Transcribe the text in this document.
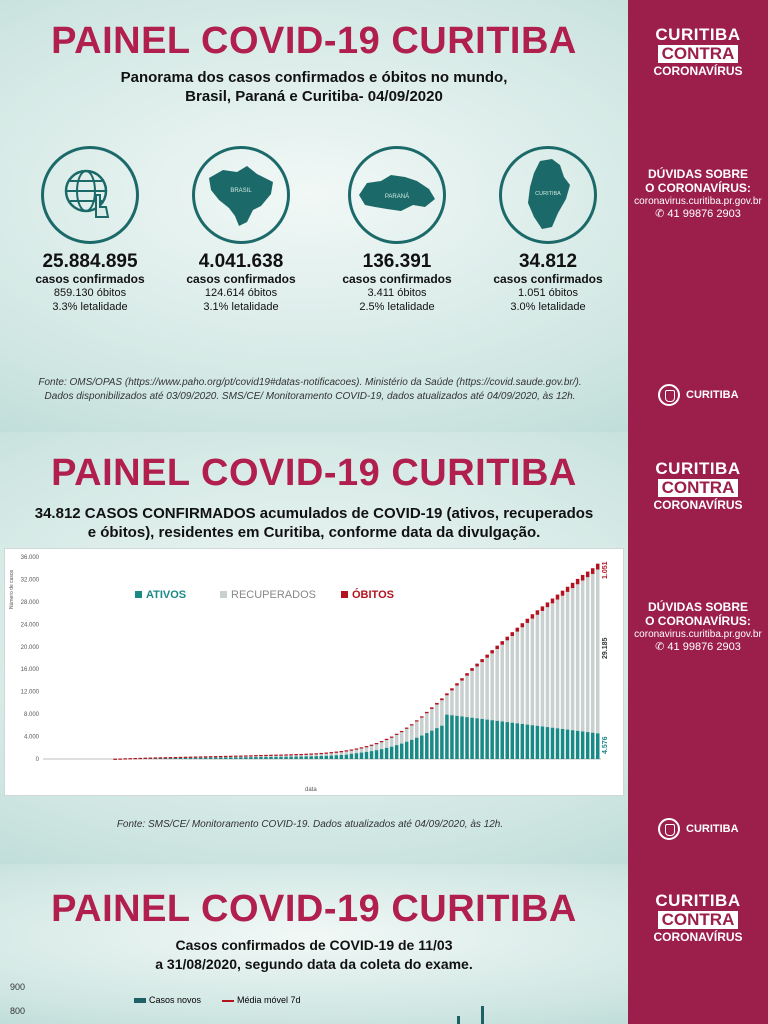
PAINEL COVID-19 CURITIBA
Panorama dos casos confirmados e óbitos no mundo,
Brasil, Paraná e Curitiba- 04/09/2020
25.884.895
casos confirmados
859.130 óbitos
3.3% letalidade
BRASIL
4.041.638
casos confirmados
124.614 óbitos
3.1% letalidade
PARANÁ
136.391
casos confirmados
3.411 óbitos
2.5% letalidade
CURITIBA
34.812
casos confirmados
1.051 óbitos
3.0% letalidade
Fonte: OMS/OPAS (https://www.paho.org/pt/covid19#datas-notificacoes). Ministério da Saúde (https://covid.saude.gov.br/).
Dados disponibilizados até 03/09/2020. SMS/CE/ Monitoramento COVID-19, dados atualizados até 04/09/2020, às 12h.
CURITIBA
CONTRA
CORONAVÍRUS
DÚVIDAS SOBRE
O CORONAVÍRUS:
coronavirus.curitiba.pr.gov.br
✆ 41 99876 2903
CURITIBA
PAINEL COVID-19 CURITIBA
34.812 CASOS CONFIRMADOS acumulados de COVID-19 (ativos, recuperados
e óbitos), residentes em Curitiba, conforme data da divulgação.
Fonte: SMS/CE/ Monitoramento COVID-19. Dados atualizados até 04/09/2020, às 12h.
CURITIBA
CONTRA
CORONAVÍRUS
DÚVIDAS SOBRE
O CORONAVÍRUS:
coronavirus.curitiba.pr.gov.br
✆ 41 99876 2903
CURITIBA
0
4.000
8.000
12.000
16.000
20.000
24.000
28.000
32.000
36.000
Número de casos
data
1.051
29.185
4.576
ATIVOS	RECUPERADOS	ÓBITOS
PAINEL COVID-19 CURITIBA
Casos confirmados de COVID-19 de 11/03
a 31/08/2020, segundo data da coleta do exame.
900
800
Casos novos	Média móvel 7d
CURITIBA
CONTRA
CORONAVÍRUS
